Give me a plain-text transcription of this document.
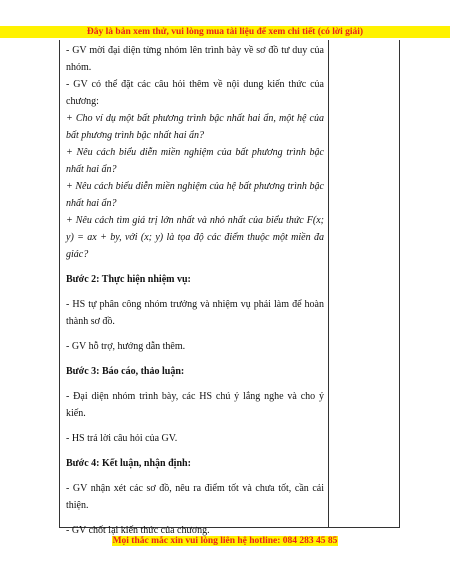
Đây là bản xem thử, vui lòng mua tài liệu để xem chi tiết (có lời giải)

- GV mời đại diện từng nhóm lên trình bày về sơ đồ tư duy của nhóm.

- GV có thể đặt các câu hỏi thêm về nội dung kiến thức của chương:

+ Cho ví dụ một bất phương trình bậc nhất hai ẩn, một hệ của bất phương trình bậc nhất hai ẩn?

+ Nêu cách biểu diễn miền nghiệm của bất phương trình bậc nhất hai ẩn?

+ Nêu cách biểu diễn miền nghiệm của hệ bất phương trình bậc nhất hai ẩn?

+ Nêu cách tìm giá trị lớn nhất và nhỏ nhất của biểu thức F(x; y) = ax + by, với (x; y) là tọa độ các điểm thuộc một miền đa giác?

Bước 2: Thực hiện nhiệm vụ:

- HS tự phân công nhóm trưởng và nhiệm vụ phải làm để hoàn thành sơ đồ.

- GV hỗ trợ, hướng dẫn thêm.

Bước 3: Báo cáo, thảo luận:

- Đại diện nhóm trình bày, các HS chú ý lắng nghe và cho ý kiến.

- HS trả lời câu hỏi của GV.

Bước 4: Kết luận, nhận định:

- GV nhận xét các sơ đồ, nêu ra điểm tốt và chưa tốt, cần cải thiện.

- GV chốt lại kiến thức của chương.

Mọi thắc mắc xin vui lòng liên hệ hotline: 084 283 45 85
